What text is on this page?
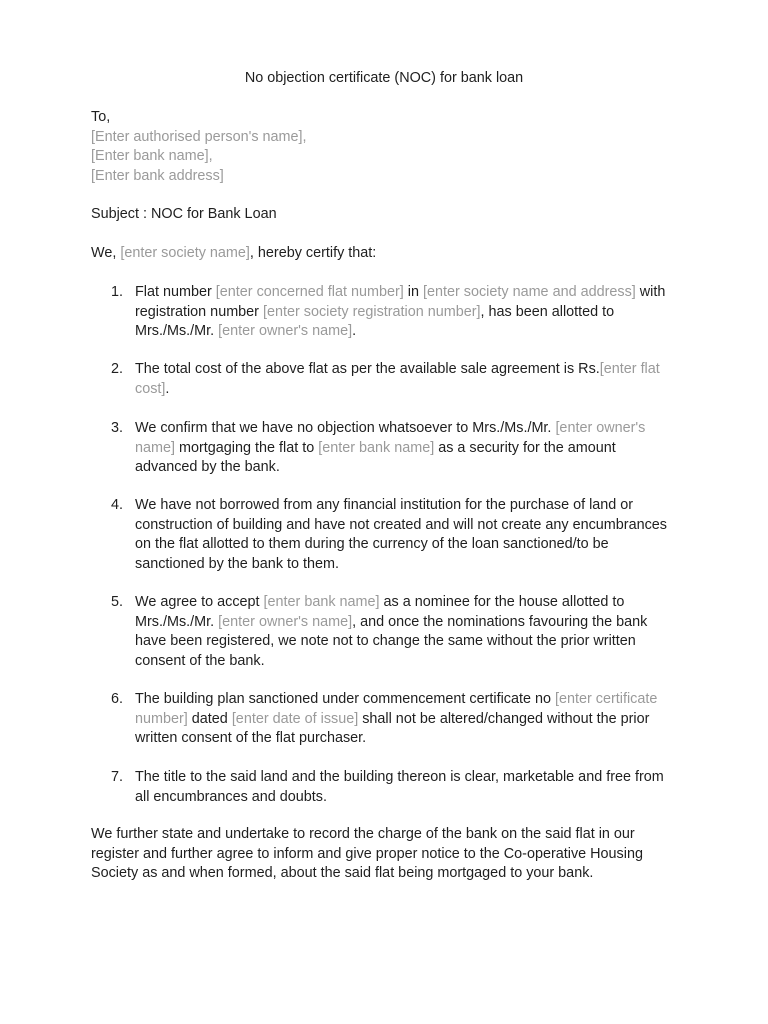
No objection certificate (NOC) for bank loan
To,
[Enter authorised person's name],
[Enter bank name],
[Enter bank address]
Subject : NOC for Bank Loan
We, [enter society name], hereby certify that:
1. Flat number [enter concerned flat number] in [enter society name and address] with registration number [enter society registration number], has been allotted to Mrs./Ms./Mr. [enter owner's name].
2. The total cost of the above flat as per the available sale agreement is Rs.[enter flat cost].
3. We confirm that we have no objection whatsoever to Mrs./Ms./Mr. [enter owner's name] mortgaging the flat to [enter bank name] as a security for the amount advanced by the bank.
4. We have not borrowed from any financial institution for the purchase of land or construction of building and have not created and will not create any encumbrances on the flat allotted to them during the currency of the loan sanctioned/to be sanctioned by the bank to them.
5. We agree to accept [enter bank name] as a nominee for the house allotted to Mrs./Ms./Mr. [enter owner's name], and once the nominations favouring the bank have been registered, we note not to change the same without the prior written consent of the bank.
6. The building plan sanctioned under commencement certificate no [enter certificate number] dated [enter date of issue] shall not be altered/changed without the prior written consent of the flat purchaser.
7. The title to the said land and the building thereon is clear, marketable and free from all encumbrances and doubts.
We further state and undertake to record the charge of the bank on the said flat in our register and further agree to inform and give proper notice to the Co-operative Housing Society as and when formed, about the said flat being mortgaged to your bank.
